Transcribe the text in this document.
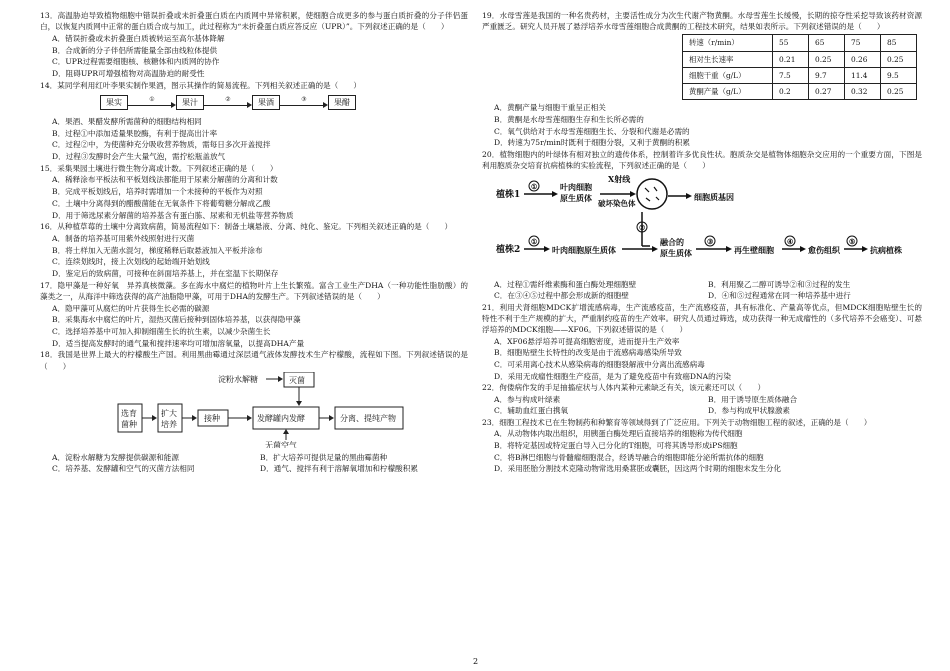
13．高温胁迫导致植物细胞中错误折叠或未折叠蛋白质在内质网中异常积累，使细胞合成更多的参与蛋白质折叠的分子伴侣蛋白，以恢复内质网中正常的蛋白质合成与加工，此过程称为“未折叠蛋白质应答反应（UPR）”。下列叙述正确的是（　　）

A．错误折叠或未折叠蛋白质被转运至高尔基体降解

B．合成新的分子伴侣所需能量全部由线粒体提供

C．UPR过程需要细胞核、核糖体和内质网的协作

D．阻碍UPR可增强植物对高温胁迫的耐受性

14．某同学利用红叶李果实制作果酒，图示其操作的简易流程。下列相关叙述正确的是（　　）

果实	①	果汁	②	果酒	③	果醋

A．果酒、果醋发酵所需菌种的细胞结构相同

B．过程①中添加适量果胶酶，有利于提高出汁率

C．过程②中，为使菌种充分吸收营养物质，需每日多次开盖搅拌

D．过程③发酵时会产生大量气泡，需拧松瓶盖放气

15．采集果园土壤进行微生物分离或计数。下列叙述正确的是（　　）

A．稀释涂布平板法和平板划线法都能用于尿素分解菌的分离和计数

B．完成平板划线后，培养时需增加一个未接种的平板作为对照

C．土壤中分离得到的醋酸菌能在无氧条件下将葡萄糖分解成乙酸

D．用于筛选尿素分解菌的培养基含有蛋白胨、尿素和无机盐等营养物质

16．从种植草莓的土壤中分离致病菌，简易流程如下：制备土壤悬液、分离、纯化、鉴定。下列相关叙述正确的是（　　）

A．制备的培养基可用紫外线照射进行灭菌

B．将土样加入无菌水混匀，梯度稀释后取悬液加入平板并涂布

C．连续划线时，接上次划线的起始端开始划线

D．鉴定后的致病菌，可接种在斜面培养基上，并在室温下长期保存

17．隐甲藻是一种好氧　异养真核微藻。多在海水中腐烂的植物叶片上生长繁殖。富含工业生产DHA（一种功能性脂肪酸）的藻类之一，从海洋中筛选获得的高产油脂隐甲藻，可用于DHA的发酵生产。下列叙述错误的是（　　）

A．隐甲藻可从腐烂的叶片获得生长必需的碳源

B．采集海水中腐烂的叶片，湿热灭菌后接种到固体培养基，以获得隐甲藻

C．选择培养基中可加入抑制细菌生长的抗生素，以减少杂菌生长

D．适当提高发酵时的通气量和搅拌速率均可增加溶氧量，以提高DHA产量

18．我国是世界上最大的柠檬酸生产国。利用黑曲霉通过深层通气液体发酵技术生产柠檬酸，流程如下图。下列叙述错误的是（　　）

淀粉水解糖	灭菌
选育
菌种
扩大
培养
接种	发酵罐内发酵	分离、提纯产物
无菌空气
A．淀粉水解糖为发酵提供碳源和能源	B．扩大培养可提供足量的黑曲霉菌种
C．培养基、发酵罐和空气的灭菌方法相同	D．通气、搅拌有利于溶解氧增加和柠檬酸积累

19．水母雪莲是我国的一种名贵药材，主要活性成分为次生代谢产物黄酮。水母雪莲生长缓慢，长期的掠夺性采挖导致该药材资源严重匮乏。研究人员开展了悬浮培养水母雪莲细胞合成黄酮的工程技术研究，结果如表所示。下列叙述错误的是（　　）

转速（r/min）	55	65	75	85
相对生长速率	0.21	0.25	0.26	0.25
细胞干重（g/L）	7.5	9.7	11.4	9.5
黄酮产量（g/L）	0.2	0.27	0.32	0.25

A．黄酮产量与细胞干重呈正相关

B．黄酮是水母雪莲细胞生存和生长所必需的

C．氧气供给对于水母雪莲细胞生长、分裂和代谢是必需的

D．转速为75r/min时既利于细胞分裂，又利于黄酮的积累

20．植物细胞内的叶绿体有相对独立的遗传体系，控制着许多优良性状。胞质杂交是植物体细胞杂交应用的一个重要方面，下图是利用胞质杂交培育抗病植株的实验流程，下列叙述正确的是（　　）

植株1
①	叶肉细胞
原生质体
X射线
破坏染色体
细胞质基因
②
植株2
①
叶肉细胞原生质体
融合的
原生质体
③
再生壁细胞
④
愈伤组织
⑤
抗病植株
A．过程①需纤维素酶和蛋白酶处理细胞壁	B．利用聚乙二醇可诱导②和③过程的发生
C．在③④⑤过程中都会形成新的细胞壁	D．④和⑤过程通常在同一种培养基中进行

21．利用犬肾细胞MDCK扩增流感病毒，生产流感疫苗，生产流感疫苗，具有标准化、产量高等优点，但MDCK细胞贴壁生长的特性不利于生产规模的扩大，严重制约疫苗的生产效率。研究人员通过筛选，成功获得一种无成瘤性的（多代培养不会癌变）、可悬浮培养的MDCK细胞——XF06。下列叙述错误的是（　　）

A．XF06悬浮培养可提高细胞密度，进而提升生产效率

B．细胞贴壁生长特性的改变是由于流感病毒感染所导致

C．可采用离心技术从感染病毒的细胞裂解液中分离出流感病毒

D．采用无成瘤性细胞生产疫苗，是为了避免疫苗中有致癌DNA的污染

22．佝偻病作发的手足抽搐症状与人体内某种元素缺乏有关，该元素还可以（　　）

A．参与构成叶绿素	B．用于诱导原生质体融合
C．辅助血红蛋白携氧	D．参与构成甲状腺激素

23．细胞工程技术已在生物制药和种繁育等领域得到了广泛应用。下列关于动物细胞工程的叙述，正确的是（　　）

A．从动物体内取出组织，用胰蛋白酶处理后直接培养的细胞称为传代细胞

B．将特定基因或特定蛋白导入已分化的T细胞，可将其诱导形成iPS细胞

C．将B淋巴细胞与骨髓瘤细胞混合，经诱导融合的细胞即能分泌所需抗体的细胞

D．采用胚胎分割技术克隆动物常选用桑葚胚或囊胚，因这两个时期的细胞未发生分化

2
